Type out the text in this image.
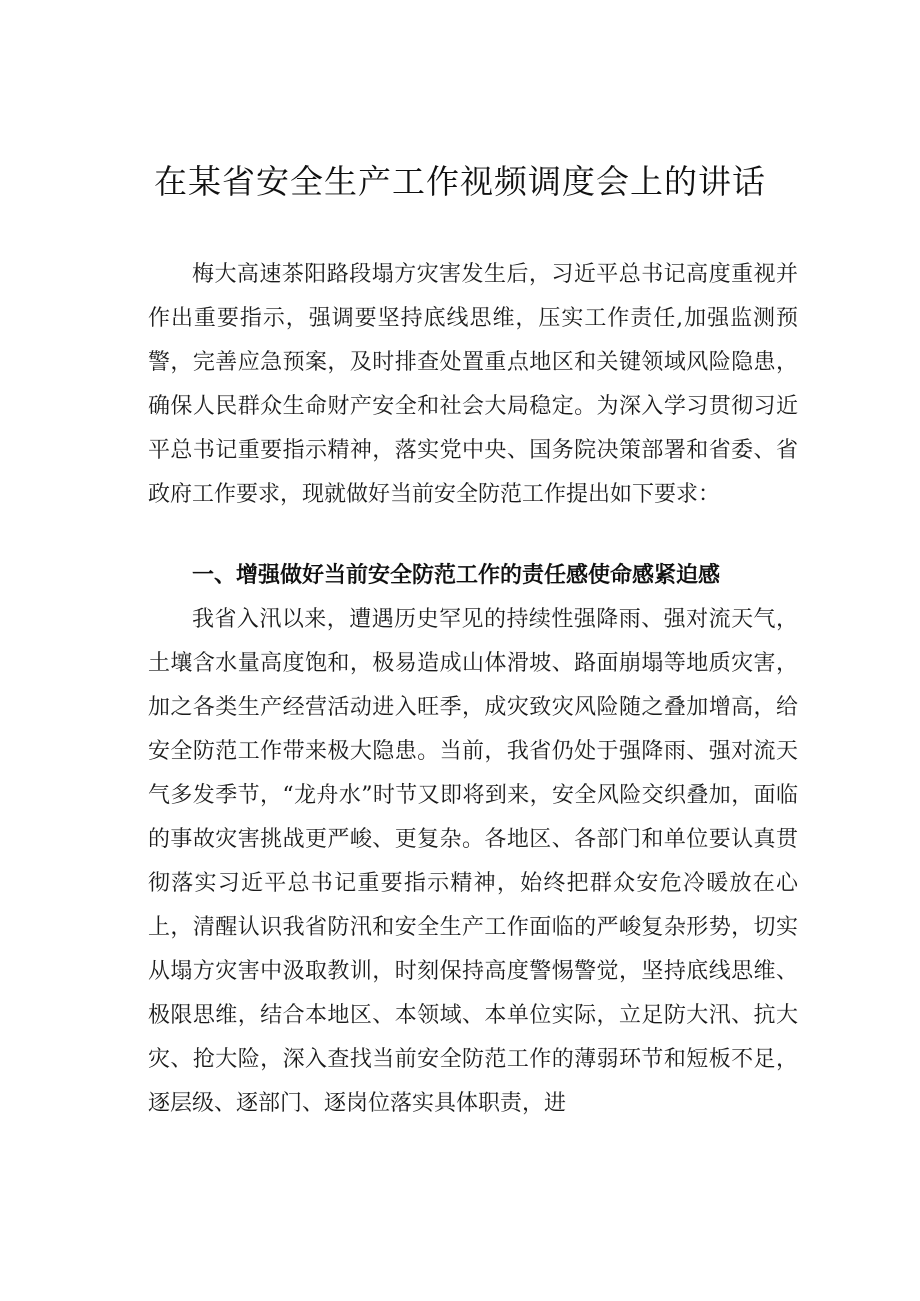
在某省安全生产工作视频调度会上的讲话

梅大高速茶阳路段塌方灾害发生后，习近平总书记高度重视并作出重要指示，强调要坚持底线思维，压实工作责任,加强监测预警，完善应急预案，及时排查处置重点地区和关键领域风险隐患，确保人民群众生命财产安全和社会大局稳定。为深入学习贯彻习近平总书记重要指示精神，落实党中央、国务院决策部署和省委、省政府工作要求，现就做好当前安全防范工作提出如下要求：

一、增强做好当前安全防范工作的责任感使命感紧迫感

我省入汛以来，遭遇历史罕见的持续性强降雨、强对流天气，土壤含水量高度饱和，极易造成山体滑坡、路面崩塌等地质灾害，加之各类生产经营活动进入旺季，成灾致灾风险随之叠加增高，给安全防范工作带来极大隐患。当前，我省仍处于强降雨、强对流天气多发季节，“龙舟水”时节又即将到来，安全风险交织叠加，面临的事故灾害挑战更严峻、更复杂。各地区、各部门和单位要认真贯彻落实习近平总书记重要指示精神，始终把群众安危冷暖放在心上，清醒认识我省防汛和安全生产工作面临的严峻复杂形势，切实从塌方灾害中汲取教训，时刻保持高度警惕警觉，坚持底线思维、极限思维，结合本地区、本领域、本单位实际，立足防大汛、抗大灾、抢大险，深入查找当前安全防范工作的薄弱环节和短板不足，逐层级、逐部门、逐岗位落实具体职责，进
